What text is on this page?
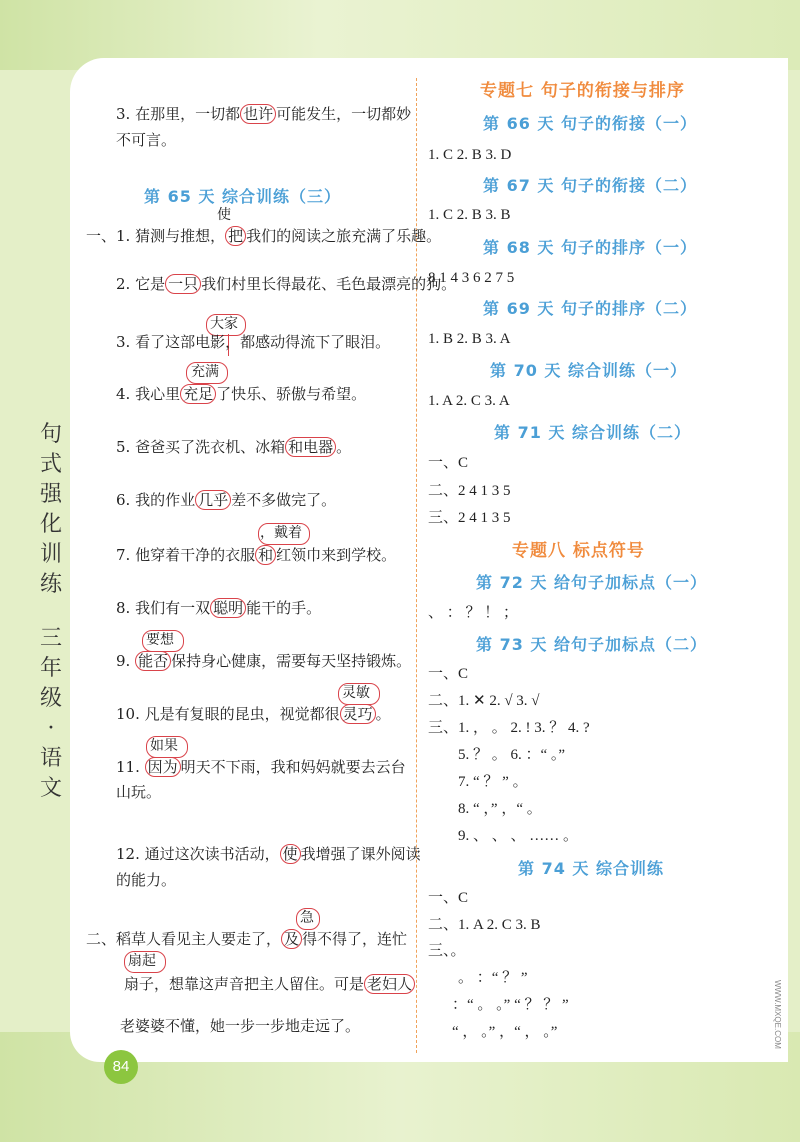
句
式
强
化
训
练
三
年
级
·
语
文
3. 在那里，一切都 也许 可能发生，一切都妙
不可言。
第 65 天 综合训练（三）
使
一、1. 猜测与推想， 把 我们的阅读之旅充满了乐趣。
2. 它是 一只 我们村里长得最花、毛色最漂亮的狗。
大家
3. 看了这部电影，都感动得流下了眼泪。
充满
4. 我心里 充足 了快乐、骄傲与希望。
5. 爸爸买了洗衣机、冰箱 和电器 。
6. 我的作业 几乎 差不多做完了。
，戴着
7. 他穿着干净的衣服 和 红领巾来到学校。
8. 我们有一双 聪明 能干的手。
要想
9. 能否 保持身心健康，需要每天坚持锻炼。
灵敏
10. 凡是有复眼的昆虫，视觉都很 灵巧 。
如果
11. 因为 明天不下雨，我和妈妈就要去云台
山玩。
12. 通过这次读书活动， 使 我增强了课外阅读
的能力。
急
二、稻草人看见主人要走了， 及 得不得了，连忙
扇起
扇子，想靠这声音把主人留住。可是 老妇人
老婆婆不懂，她一步一步地走远了。
84
WWW.MXQE.COM
专题七 句子的衔接与排序
第 66 天 句子的衔接（一）
1. C 2. B 3. D
第 67 天 句子的衔接（二）
1. C 2. B 3. B
第 68 天 句子的排序（一）
8 1 4 3 6 2 7 5
第 69 天 句子的排序（二）
1. B 2. B 3. A
第 70 天 综合训练（一）
1. A 2. C 3. A
第 71 天 综合训练（二）
一、C
二、2 4 1 3 5
三、2 4 1 3 5
专题八 标点符号
第 72 天 给句子加标点（一）
、 ： ？ ！ ；
第 73 天 给句子加标点（二）
一、C
二、1. ✕ 2. √ 3. √
三、1. ， 。 2. ! 3. ？ 4. ?
5. ？ 。 6. ：“ 。”
7. “ ？ ” 。
8. “ ，” ，“ 。
9. 、 、 、 …… 。
第 74 天 综合训练
一、C
二、1. A 2. C 3. B
三、。
。 ：“ ？ ”
：“ 。 。” “ ？ ？ ”
“ ， 。” ，“ ， 。”
